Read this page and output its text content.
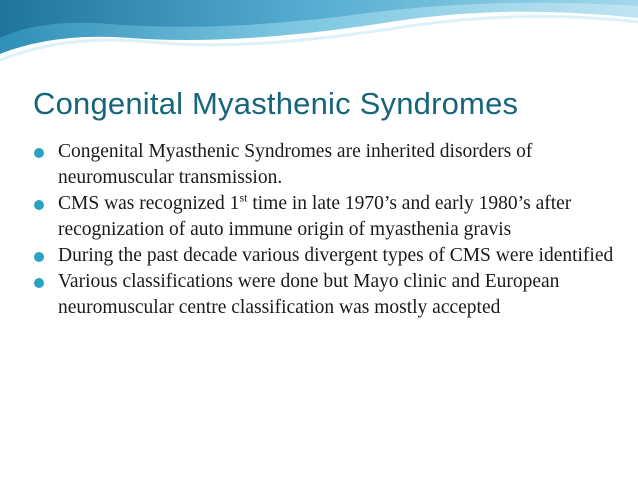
Congenital Myasthenic Syndromes
Congenital Myasthenic Syndromes are inherited disorders of neuromuscular transmission.
CMS was recognized 1st time in late 1970’s and early 1980’s after recognization of auto immune origin of myasthenia gravis
During the past decade various divergent types of CMS were identified
Various classifications were done but Mayo clinic and European neuromuscular centre classification was mostly accepted
